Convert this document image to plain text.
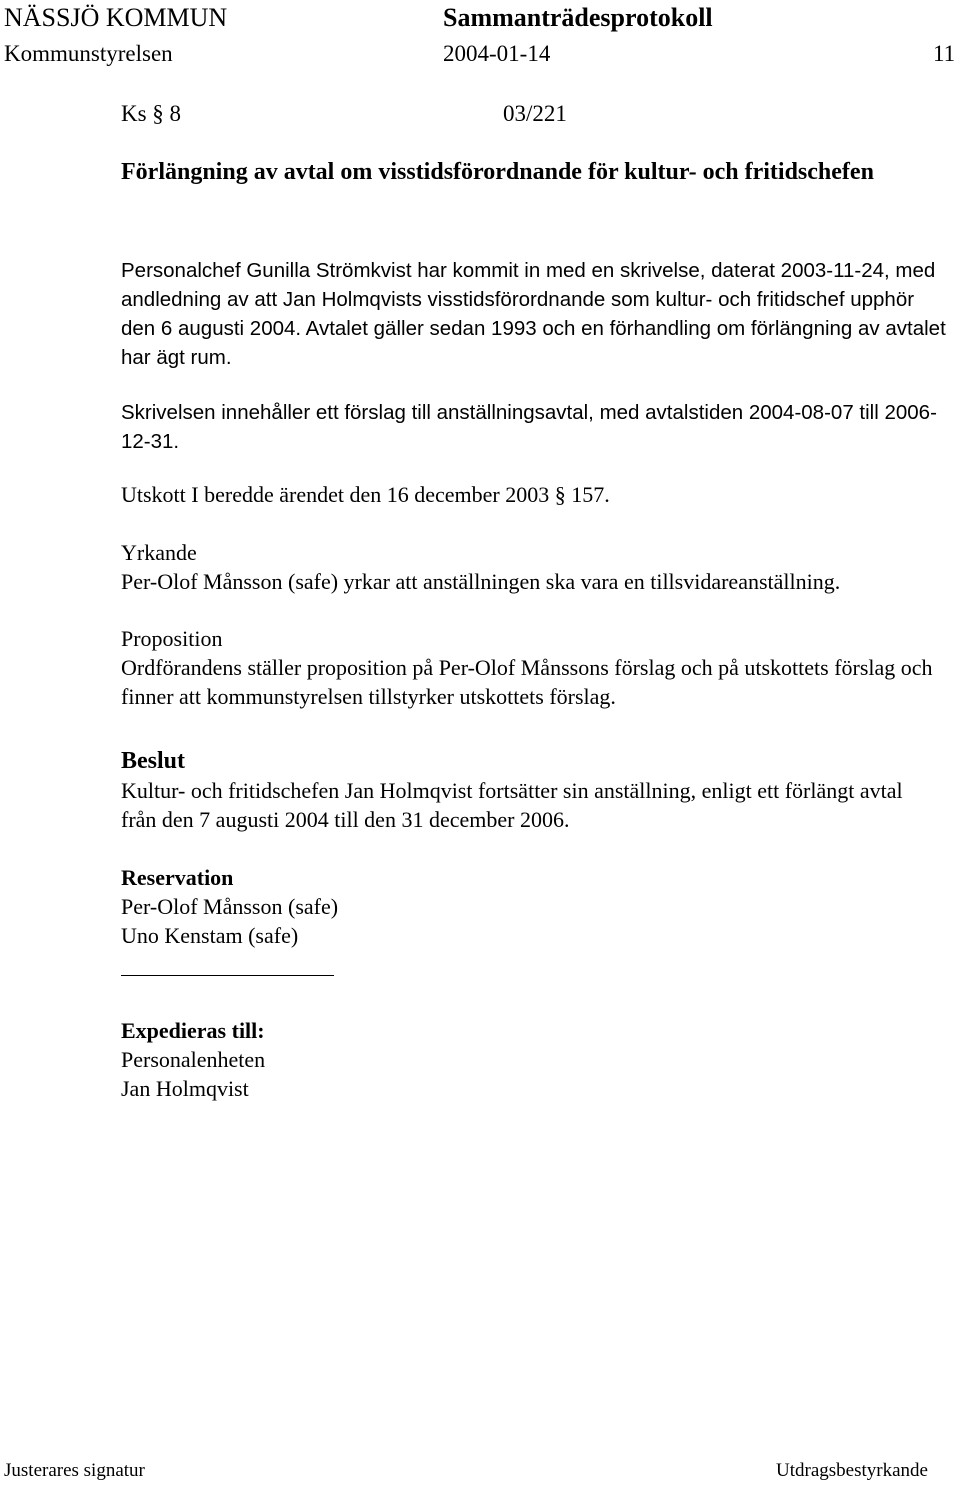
NÄSSJÖ KOMMUN	Sammanträdesprotokoll
Kommunstyrelsen	2004-01-14	11
Ks § 8	03/221
Förlängning av avtal om visstidsförordnande för kultur- och fritidschefen

Personalchef Gunilla Strömkvist har kommit in med en skrivelse, daterat 2003-11-24, med andledning av att Jan Holmqvists visstidsförordnande som kultur- och fritidschef upphör den 6 augusti 2004. Avtalet gäller sedan 1993 och en förhandling om förlängning av avtalet har ägt rum.

Skrivelsen innehåller ett förslag till anställningsavtal, med avtalstiden 2004-08-07 till 2006-12-31.

Utskott I beredde ärendet den 16 december 2003 § 157.

Yrkande

Per-Olof Månsson (safe) yrkar att anställningen ska vara en tillsvidareanställning.

Proposition

Ordförandens ställer proposition på Per-Olof Månssons förslag och på utskottets förslag och finner att kommunstyrelsen tillstyrker utskottets förslag.

Beslut

Kultur- och fritidschefen Jan Holmqvist fortsätter sin anställning, enligt ett förlängt avtal från den 7 augusti 2004 till den 31 december 2006.

Reservation

Per-Olof Månsson (safe)

Uno Kenstam (safe)

Expedieras till:

Personalenheten

Jan Holmqvist

Justerares signatur	Utdragsbestyrkande
